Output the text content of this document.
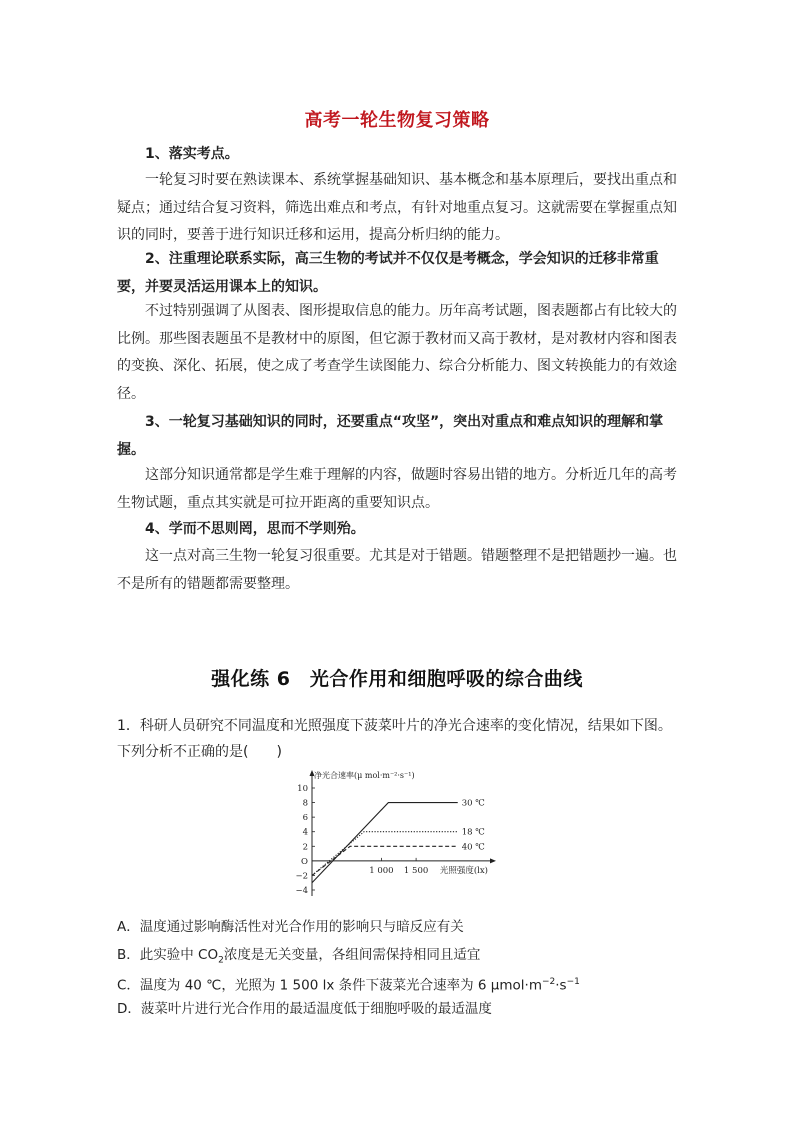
高考一轮生物复习策略

1、落实考点。

一轮复习时要在熟读课本、系统掌握基础知识、基本概念和基本原理后，要找出重点和疑点；通过结合复习资料，筛选出难点和考点，有针对地重点复习。这就需要在掌握重点知识的同时，要善于进行知识迁移和运用，提高分析归纳的能力。

2、注重理论联系实际，高三生物的考试并不仅仅是考概念，学会知识的迁移非常重要，并要灵活运用课本上的知识。

不过特别强调了从图表、图形提取信息的能力。历年高考试题，图表题都占有比较大的比例。那些图表题虽不是教材中的原图，但它源于教材而又高于教材，是对教材内容和图表的变换、深化、拓展，使之成了考查学生读图能力、综合分析能力、图文转换能力的有效途径。

3、一轮复习基础知识的同时，还要重点“攻坚”，突出对重点和难点知识的理解和掌握。

这部分知识通常都是学生难于理解的内容，做题时容易出错的地方。分析近几年的高考生物试题，重点其实就是可拉开距离的重要知识点。

4、学而不思则罔，思而不学则殆。

这一点对高三生物一轮复习很重要。尤其是对于错题。错题整理不是把错题抄一遍。也不是所有的错题都需要整理。

强化练 6　光合作用和细胞呼吸的综合曲线

1．科研人员研究不同温度和光照强度下菠菜叶片的净光合速率的变化情况，结果如下图。下列分析不正确的是(　　)

净光合速率(μ mol·m⁻²·s⁻¹)
10
8
6
4
2
O
−2
−4
1 000 1 500 光照强度(lx)
30 ℃
18 ℃
40 ℃

A．温度通过影响酶活性对光合作用的影响只与暗反应有关

B．此实验中 $CO_2$浓度是无关变量，各组间需保持相同且适宜

C．温度为 40 ℃，光照为 1 500 lx 条件下菠菜光合速率为 6 $\mu mol\cdot m^{-2}\cdot s^{-1}$

D．菠菜叶片进行光合作用的最适温度低于细胞呼吸的最适温度
